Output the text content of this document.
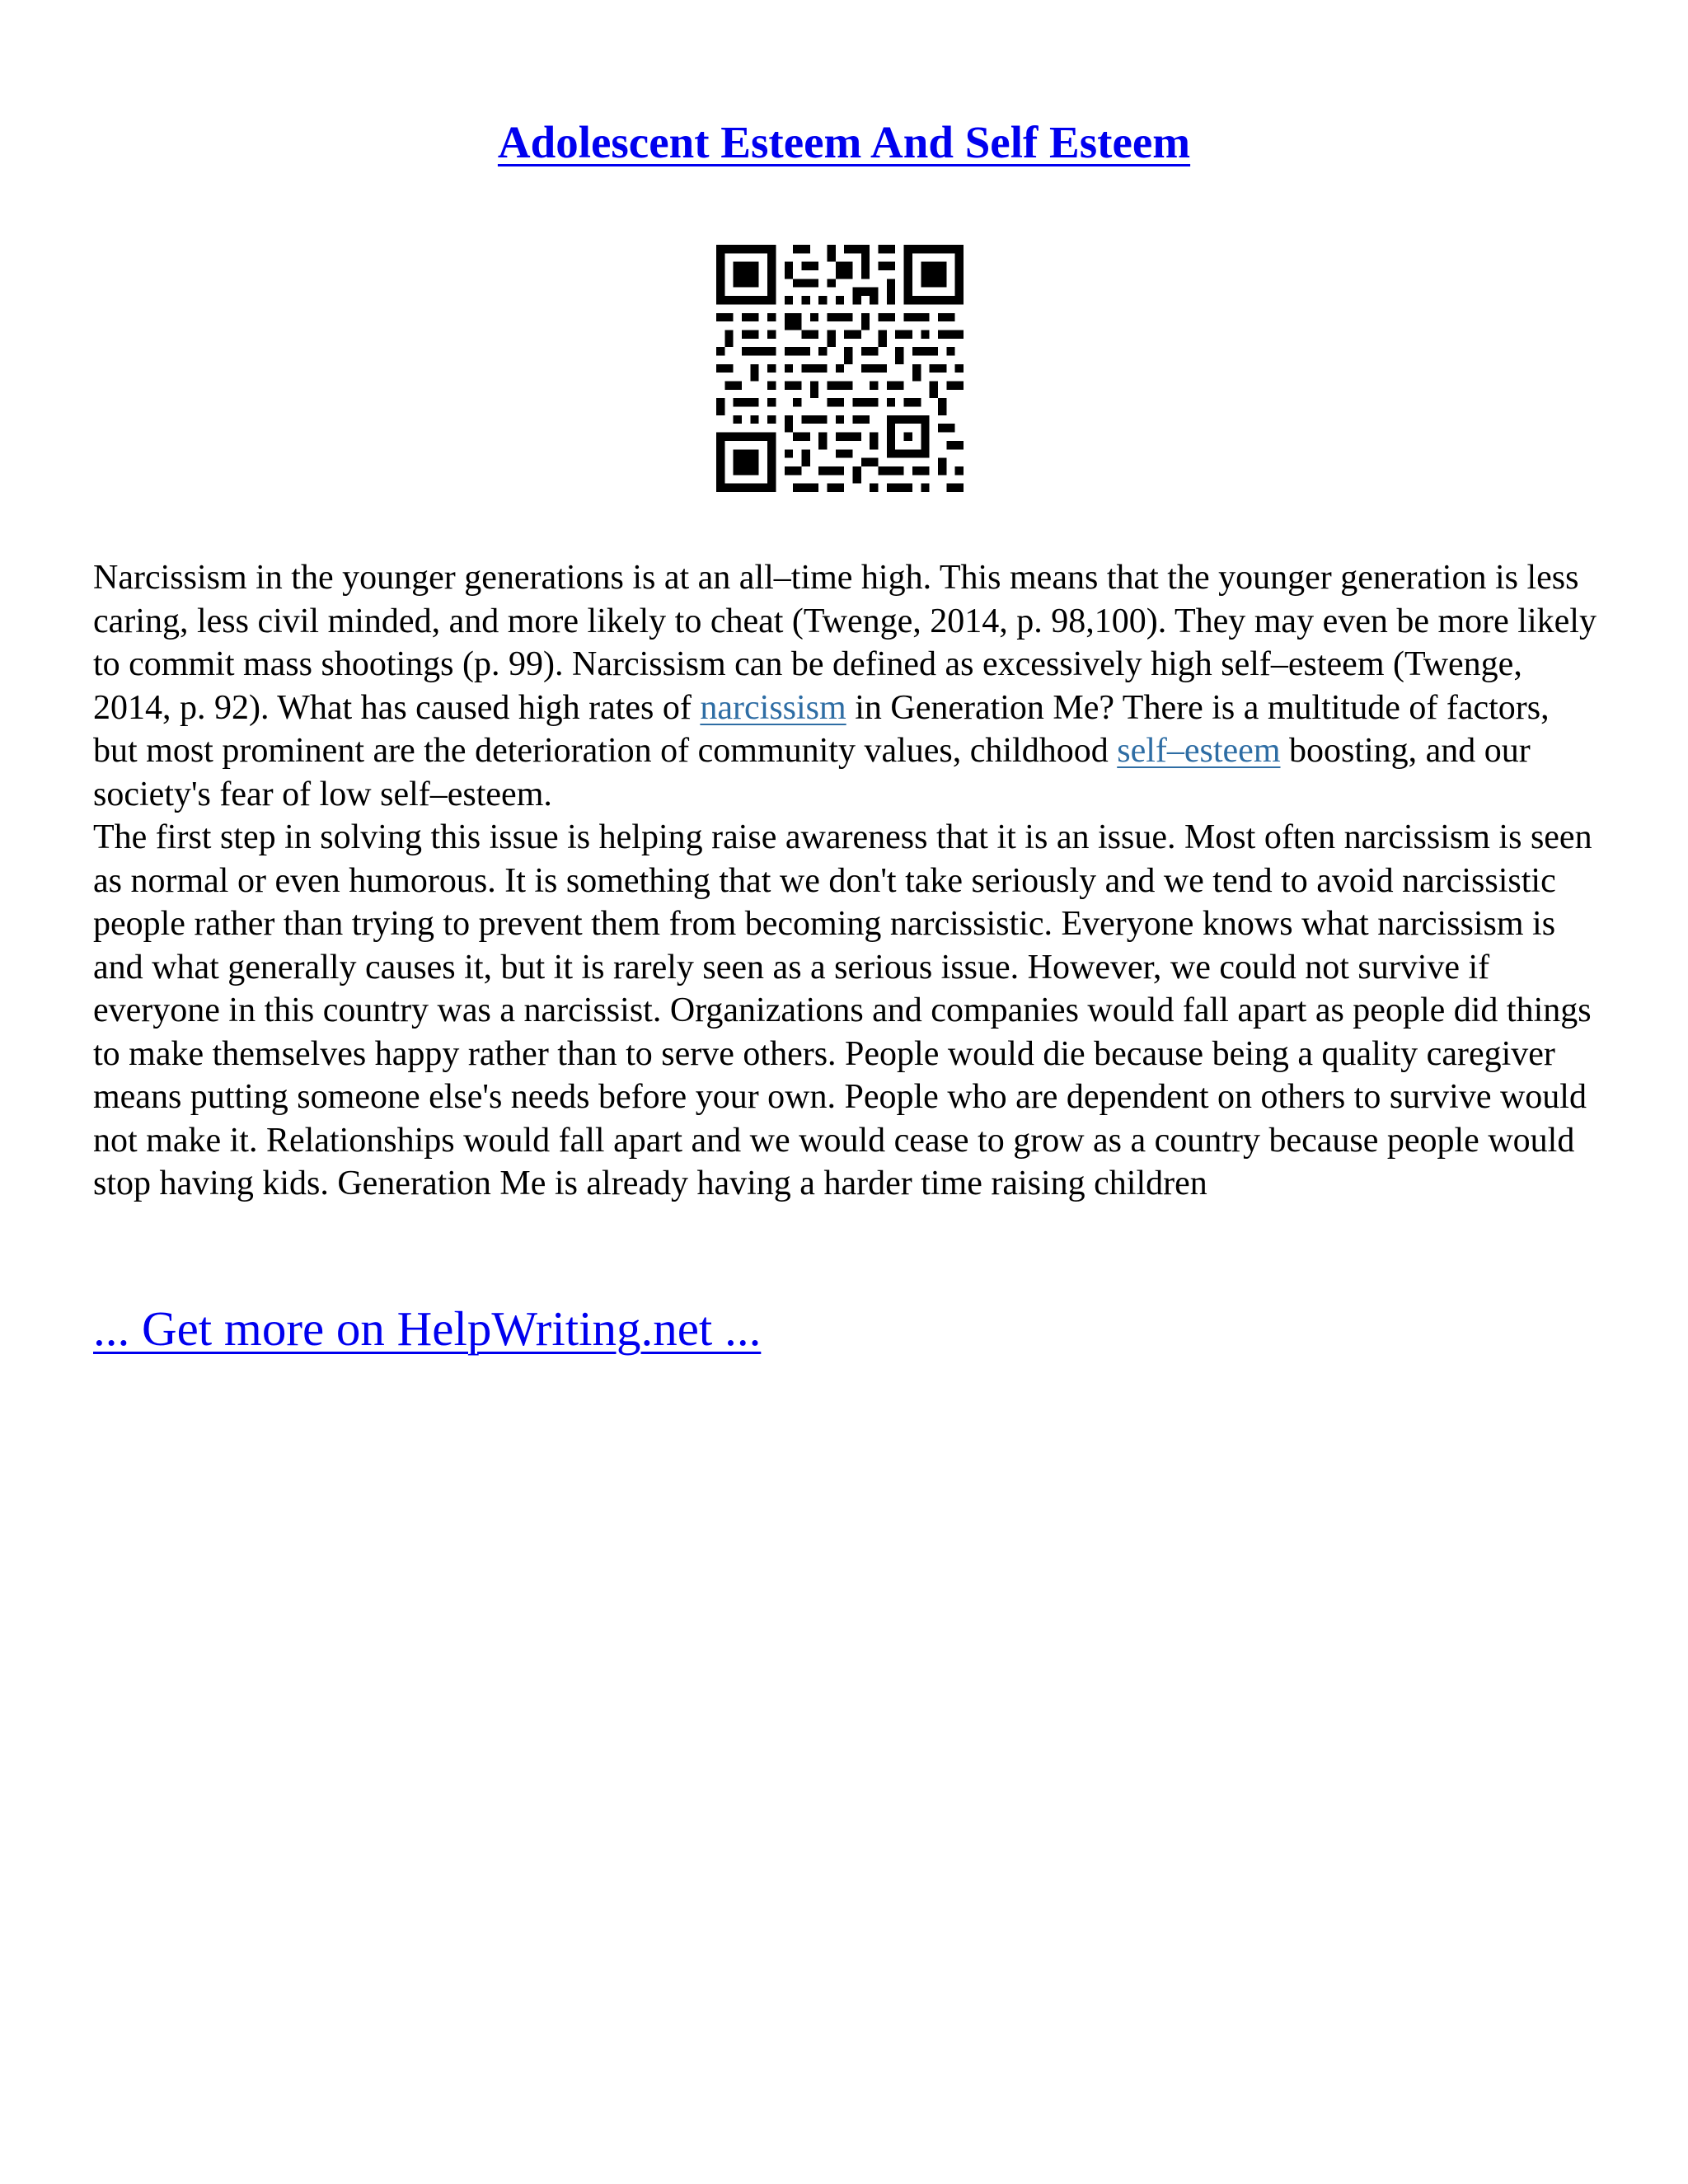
Adolescent Esteem And Self Esteem

Narcissism in the younger generations is at an all–time high. This means that the younger generation is less caring, less civil minded, and more likely to cheat (Twenge, 2014, p. 98,100). They may even be more likely to commit mass shootings (p. 99). Narcissism can be defined as excessively high self–esteem (Twenge, 2014, p. 92). What has caused high rates of narcissism in Generation Me? There is a multitude of factors, but most prominent are the deterioration of community values, childhood self–esteem boosting, and our society's fear of low self–esteem.

The first step in solving this issue is helping raise awareness that it is an issue. Most often narcissism is seen as normal or even humorous. It is something that we don't take seriously and we tend to avoid narcissistic people rather than trying to prevent them from becoming narcissistic. Everyone knows what narcissism is and what generally causes it, but it is rarely seen as a serious issue. However, we could not survive if everyone in this country was a narcissist. Organizations and companies would fall apart as people did things to make themselves happy rather than to serve others. People would die because being a quality caregiver means putting someone else's needs before your own. People who are dependent on others to survive would not make it. Relationships would fall apart and we would cease to grow as a country because people would stop having kids. Generation Me is already having a harder time raising children

... Get more on HelpWriting.net ...
